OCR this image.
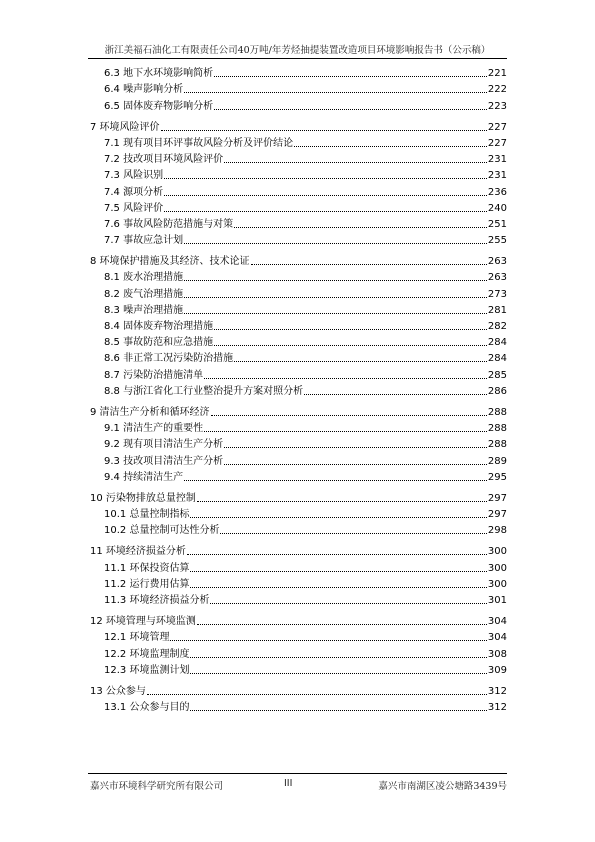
浙江美福石油化工有限责任公司40万吨/年芳烃抽提装置改造项目环境影响报告书（公示稿）
6.3 地下水环境影响简析	221
6.4 噪声影响分析	222
6.5 固体废弃物影响分析	223
7 环境风险评价	227
7.1 现有项目环评事故风险分析及评价结论	227
7.2 技改项目环境风险评价	231
7.3 风险识别	231
7.4 源项分析	236
7.5 风险评价	240
7.6 事故风险防范措施与对策	251
7.7 事故应急计划	255
8 环境保护措施及其经济、技术论证	263
8.1 废水治理措施	263
8.2 废气治理措施	273
8.3 噪声治理措施	281
8.4 固体废弃物治理措施	282
8.5 事故防范和应急措施	284
8.6 非正常工况污染防治措施	284
8.7 污染防治措施清单	285
8.8 与浙江省化工行业整治提升方案对照分析	286
9 清洁生产分析和循环经济	288
9.1 清洁生产的重要性	288
9.2 现有项目清洁生产分析	288
9.3 技改项目清洁生产分析	289
9.4 持续清洁生产	295
10 污染物排放总量控制	297
10.1 总量控制指标	297
10.2 总量控制可达性分析	298
11 环境经济损益分析	300
11.1 环保投资估算	300
11.2 运行费用估算	300
11.3 环境经济损益分析	301
12 环境管理与环境监测	304
12.1 环境管理	304
12.2 环境监理制度	308
12.3 环境监测计划	309
13 公众参与	312
13.1 公众参与目的	312
嘉兴市环境科学研究所有限公司	III	嘉兴市南湖区凌公塘路3439号
